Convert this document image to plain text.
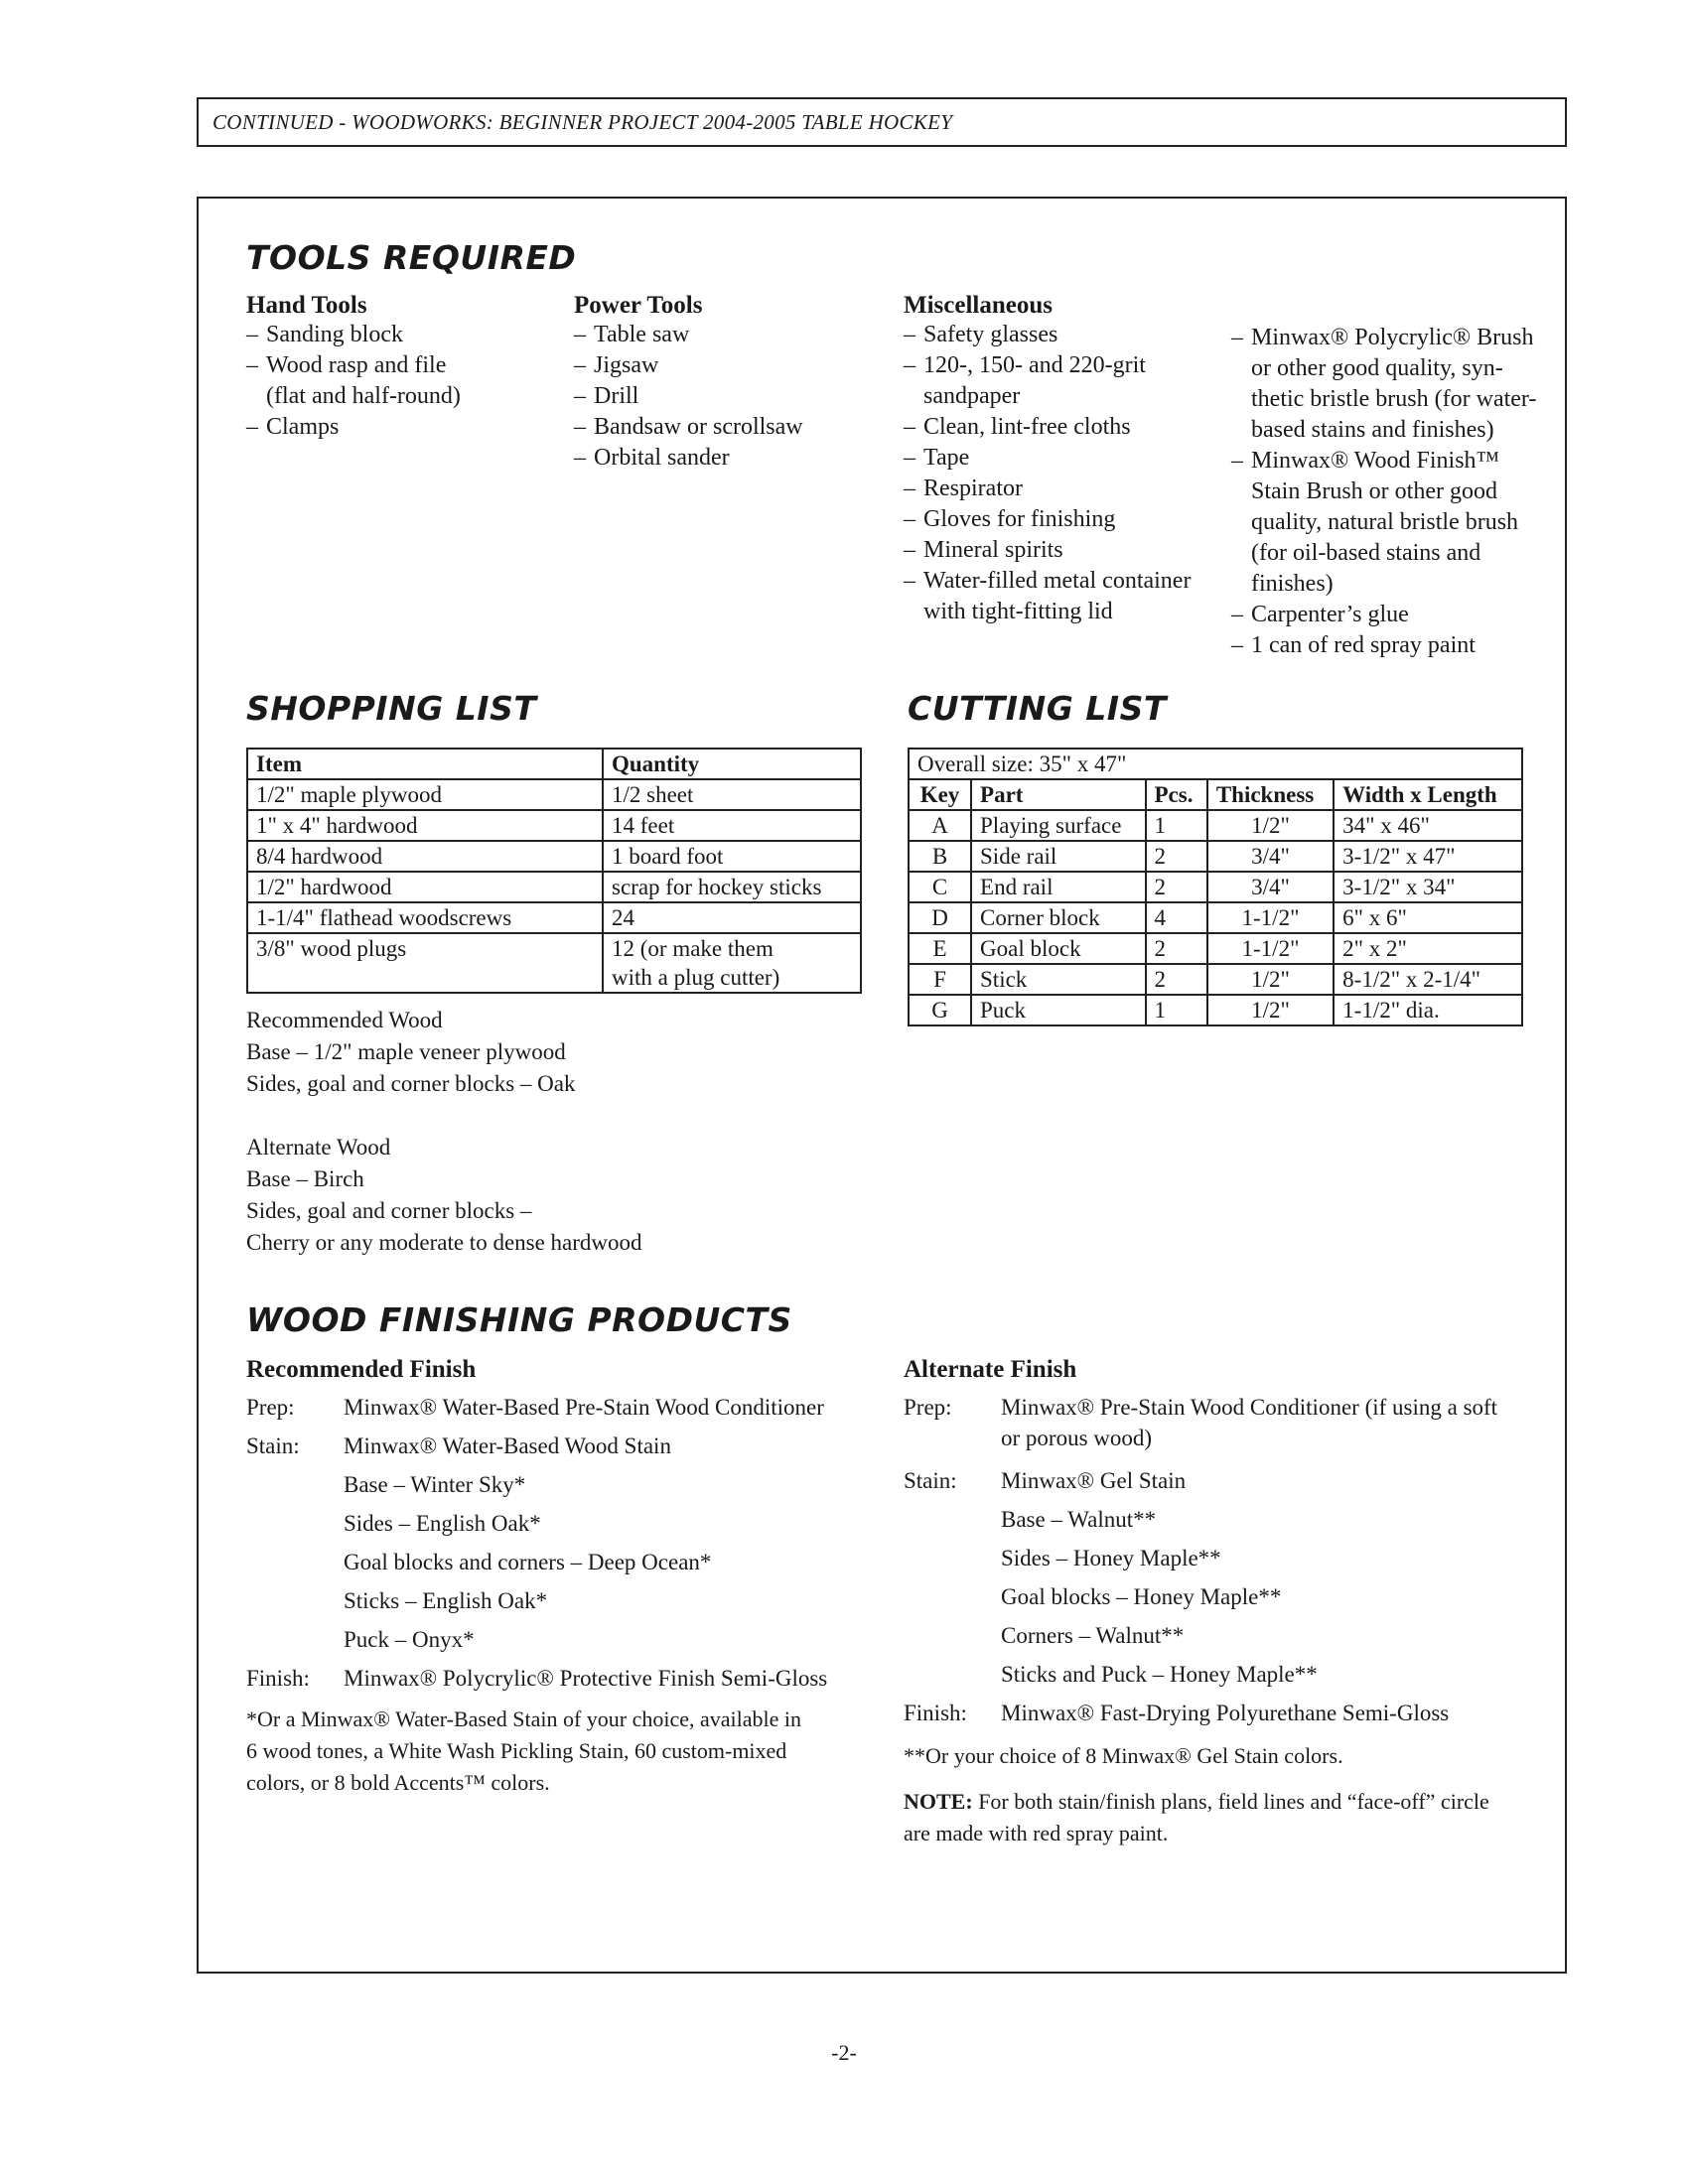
CONTINUED - WOODWORKS: BEGINNER PROJECT 2004-2005 TABLE HOCKEY
TOOLS REQUIRED
Hand Tools
– Sanding block
– Wood rasp and file
(flat and half-round)
– Clamps
Power Tools
– Table saw
– Jigsaw
– Drill
– Bandsaw or scrollsaw
– Orbital sander
Miscellaneous
– Safety glasses
– 120-, 150- and 220-grit
sandpaper
– Clean, lint-free cloths
– Tape
– Respirator
– Gloves for finishing
– Mineral spirits
– Water-filled metal container
with tight-fitting lid
– Minwax® Polycrylic® Brush
or other good quality, syn-
thetic bristle brush (for water-
based stains and finishes)
– Minwax® Wood Finish™
Stain Brush or other good
quality, natural bristle brush
(for oil-based stains and
finishes)
– Carpenter’s glue
– 1 can of red spray paint
SHOPPING LIST
Item	Quantity
1/2" maple plywood	1/2 sheet
1" x 4" hardwood	14 feet
8/4 hardwood	1 board foot
1/2" hardwood	scrap for hockey sticks
1-1/4" flathead woodscrews	24
3/8" wood plugs	12 (or make them
with a plug cutter)
Recommended Wood
Base – 1/2" maple veneer plywood
Sides, goal and corner blocks – Oak
Alternate Wood
Base – Birch
Sides, goal and corner blocks –
Cherry or any moderate to dense hardwood
CUTTING LIST
Overall size: 35" x 47"				
Key	Part	Pcs.	Thickness	Width x Length
A	Playing surface	1	1/2"	34" x 46"
B	Side rail	2	3/4"	3-1/2" x 47"
C	End rail	2	3/4"	3-1/2" x 34"
D	Corner block	4	1-1/2"	6" x 6"
E	Goal block	2	1-1/2"	2" x 2"
F	Stick	2	1/2"	8-1/2" x 2-1/4"
G	Puck	1	1/2"	1-1/2" dia.
WOOD FINISHING PRODUCTS
Recommended Finish
Prep: Minwax® Water-Based Pre-Stain Wood Conditioner
Stain: Minwax® Water-Based Wood Stain
Base – Winter Sky*
Sides – English Oak*
Goal blocks and corners – Deep Ocean*
Sticks – English Oak*
Puck – Onyx*
Finish: Minwax® Polycrylic® Protective Finish Semi-Gloss
*Or a Minwax® Water-Based Stain of your choice, available in
6 wood tones, a White Wash Pickling Stain, 60 custom-mixed
colors, or 8 bold Accents™ colors.
Alternate Finish
Prep: Minwax® Pre-Stain Wood Conditioner (if using a soft
or porous wood)
Stain: Minwax® Gel Stain
Base – Walnut**
Sides – Honey Maple**
Goal blocks – Honey Maple**
Corners – Walnut**
Sticks and Puck – Honey Maple**
Finish: Minwax® Fast-Drying Polyurethane Semi-Gloss
**Or your choice of 8 Minwax® Gel Stain colors.
NOTE: For both stain/finish plans, field lines and “face-off” circle
are made with red spray paint.
-2-
